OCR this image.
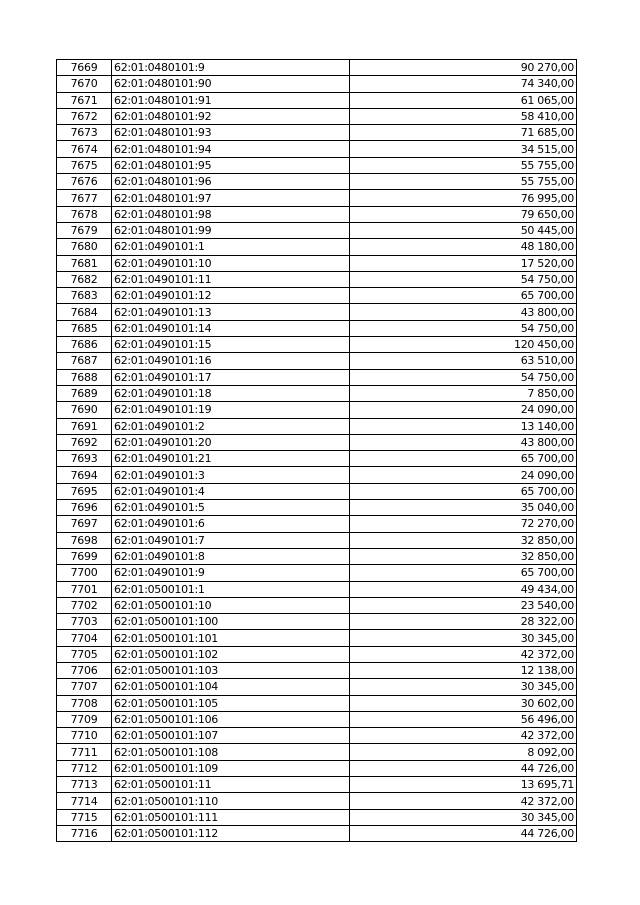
7669	62:01:0480101:9	90 270,00
7670	62:01:0480101:90	74 340,00
7671	62:01:0480101:91	61 065,00
7672	62:01:0480101:92	58 410,00
7673	62:01:0480101:93	71 685,00
7674	62:01:0480101:94	34 515,00
7675	62:01:0480101:95	55 755,00
7676	62:01:0480101:96	55 755,00
7677	62:01:0480101:97	76 995,00
7678	62:01:0480101:98	79 650,00
7679	62:01:0480101:99	50 445,00
7680	62:01:0490101:1	48 180,00
7681	62:01:0490101:10	17 520,00
7682	62:01:0490101:11	54 750,00
7683	62:01:0490101:12	65 700,00
7684	62:01:0490101:13	43 800,00
7685	62:01:0490101:14	54 750,00
7686	62:01:0490101:15	120 450,00
7687	62:01:0490101:16	63 510,00
7688	62:01:0490101:17	54 750,00
7689	62:01:0490101:18	7 850,00
7690	62:01:0490101:19	24 090,00
7691	62:01:0490101:2	13 140,00
7692	62:01:0490101:20	43 800,00
7693	62:01:0490101:21	65 700,00
7694	62:01:0490101:3	24 090,00
7695	62:01:0490101:4	65 700,00
7696	62:01:0490101:5	35 040,00
7697	62:01:0490101:6	72 270,00
7698	62:01:0490101:7	32 850,00
7699	62:01:0490101:8	32 850,00
7700	62:01:0490101:9	65 700,00
7701	62:01:0500101:1	49 434,00
7702	62:01:0500101:10	23 540,00
7703	62:01:0500101:100	28 322,00
7704	62:01:0500101:101	30 345,00
7705	62:01:0500101:102	42 372,00
7706	62:01:0500101:103	12 138,00
7707	62:01:0500101:104	30 345,00
7708	62:01:0500101:105	30 602,00
7709	62:01:0500101:106	56 496,00
7710	62:01:0500101:107	42 372,00
7711	62:01:0500101:108	8 092,00
7712	62:01:0500101:109	44 726,00
7713	62:01:0500101:11	13 695,71
7714	62:01:0500101:110	42 372,00
7715	62:01:0500101:111	30 345,00
7716	62:01:0500101:112	44 726,00
